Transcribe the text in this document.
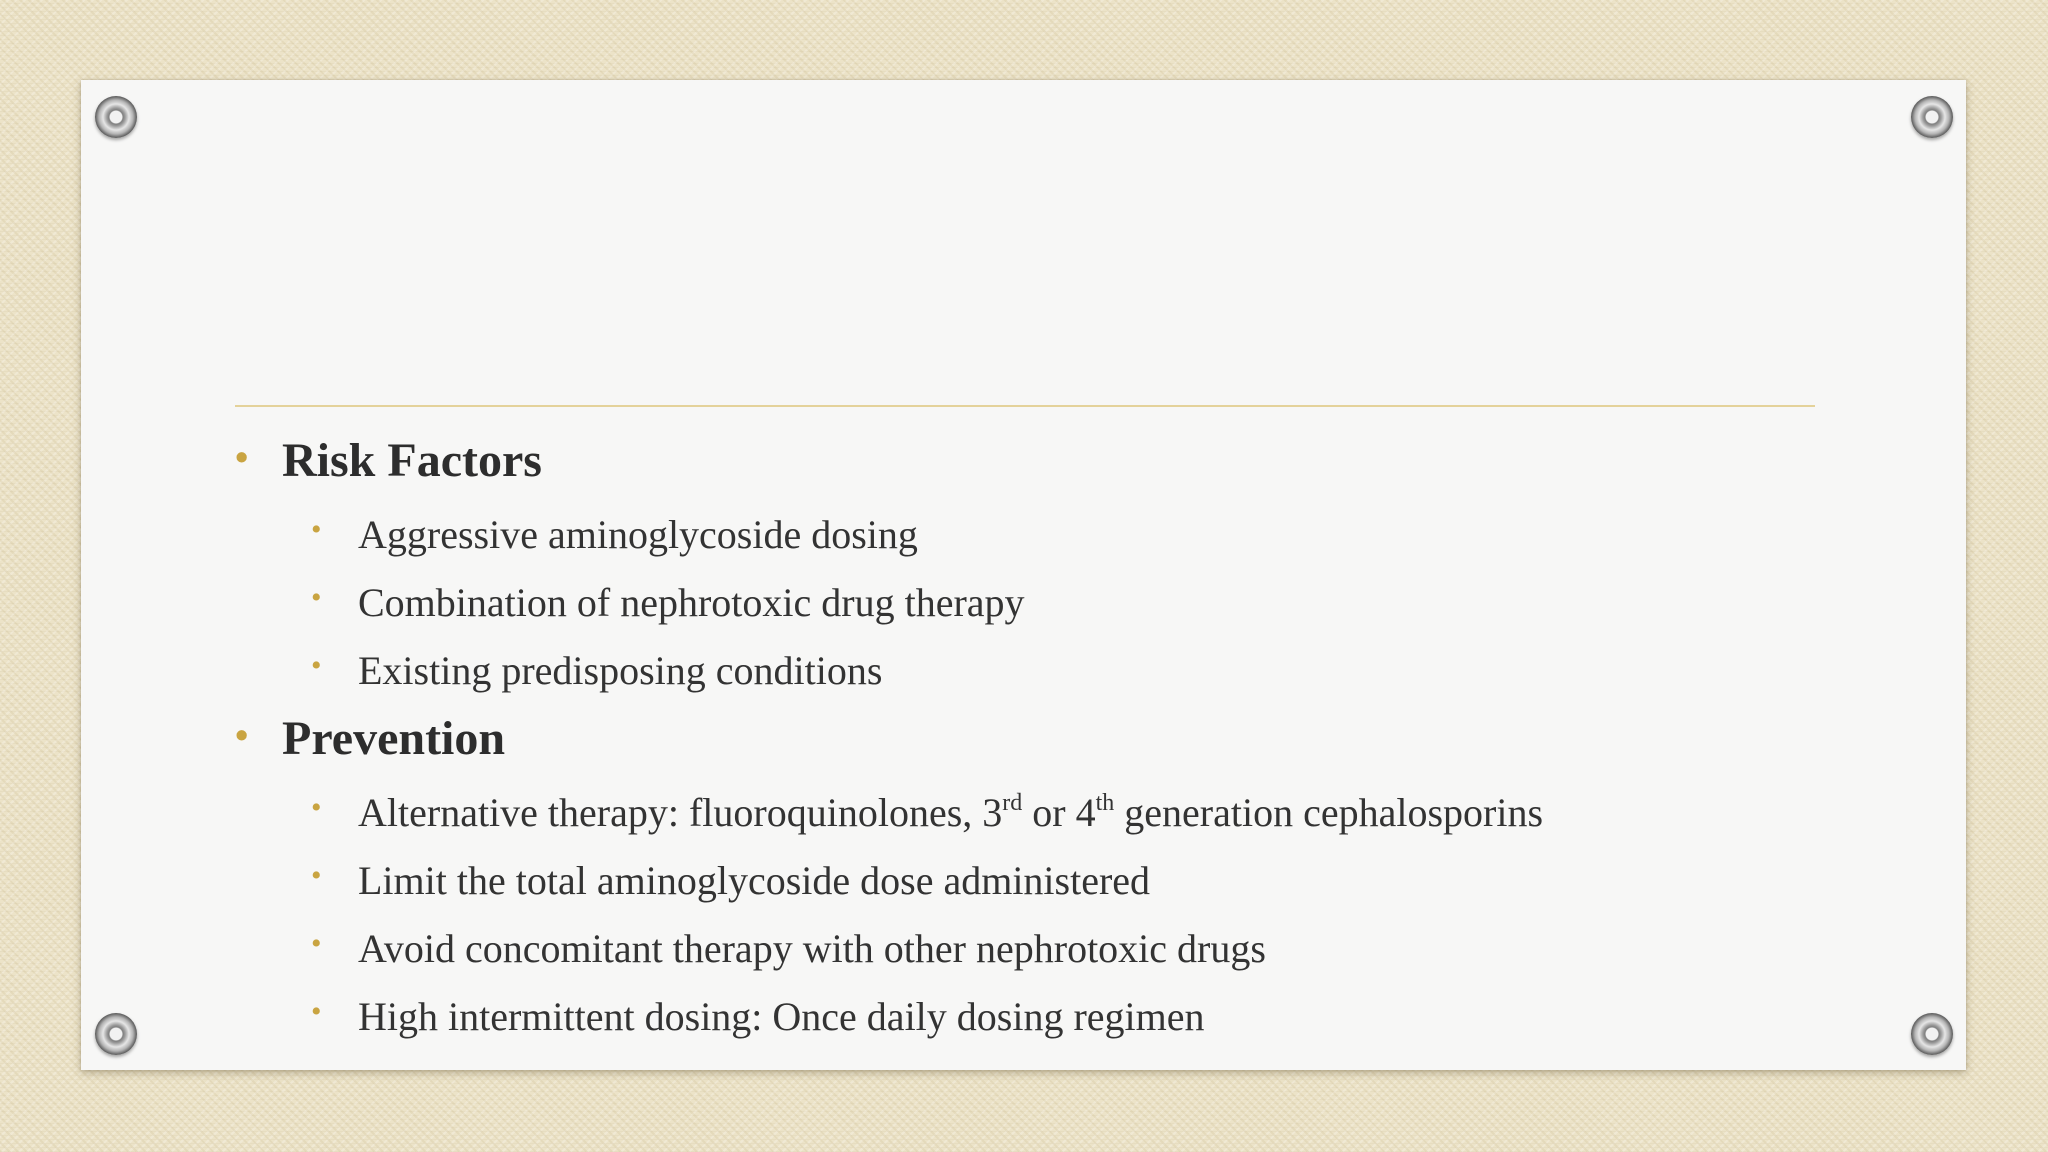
• Risk Factors
• Aggressive aminoglycoside dosing
• Combination of nephrotoxic drug therapy
• Existing predisposing conditions
• Prevention
• Alternative therapy: fluoroquinolones, 3rd or 4th generation cephalosporins
• Limit the total aminoglycoside dose administered
• Avoid concomitant therapy with other nephrotoxic drugs
• High intermittent dosing: Once daily dosing regimen
